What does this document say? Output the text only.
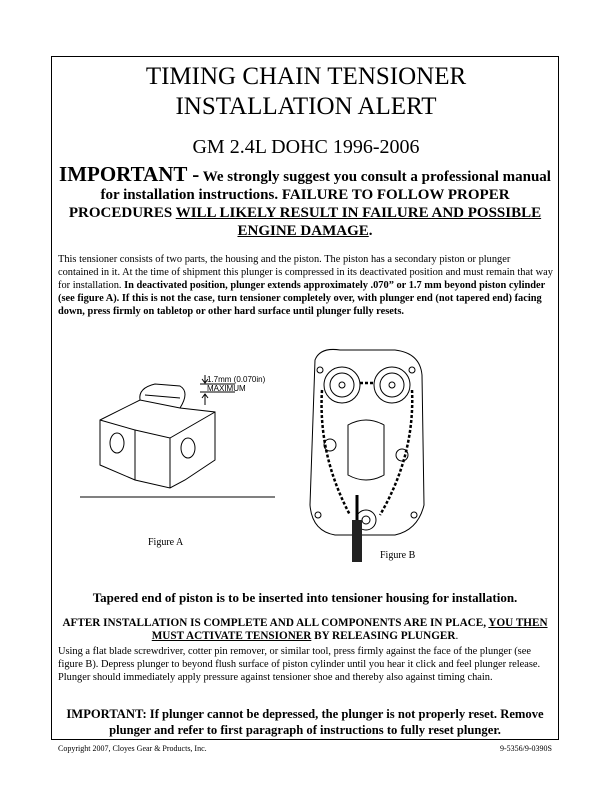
TIMING CHAIN TENSIONER
INSTALLATION ALERT
GM 2.4L DOHC 1996-2006
IMPORTANT - We strongly suggest you consult a professional manual for installation instructions. FAILURE TO FOLLOW PROPER PROCEDURES WILL LIKELY RESULT IN FAILURE AND POSSIBLE ENGINE DAMAGE.
This tensioner consists of two parts, the housing and the piston. The piston has a secondary piston or plunger contained in it. At the time of shipment this plunger is compressed in its deactivated position and must remain that way for installation. In deactivated position, plunger extends approximately .070” or 1.7 mm beyond piston cylinder (see figure A). If this is not the case, turn tensioner completely over, with plunger end (not tapered end) facing down, press firmly on tabletop or other hard surface until plunger fully resets.
1.7mm (0.070in)
MAXIMUM
Figure A
Figure B
Tapered end of piston is to be inserted into tensioner housing for installation.
AFTER INSTALLATION IS COMPLETE AND ALL COMPONENTS ARE IN PLACE, YOU THEN MUST ACTIVATE TENSIONER BY RELEASING PLUNGER.
Using a flat blade screwdriver, cotter pin remover, or similar tool, press firmly against the face of the plunger (see figure B). Depress plunger to beyond flush surface of piston cylinder until you hear it click and feel plunger release. Plunger should immediately apply pressure against tensioner shoe and thereby also against timing chain.
IMPORTANT: If plunger cannot be depressed, the plunger is not properly reset. Remove plunger and refer to first paragraph of instructions to fully reset plunger.
Copyright 2007, Cloyes Gear & Products, Inc.	9-5356/9-0390S
